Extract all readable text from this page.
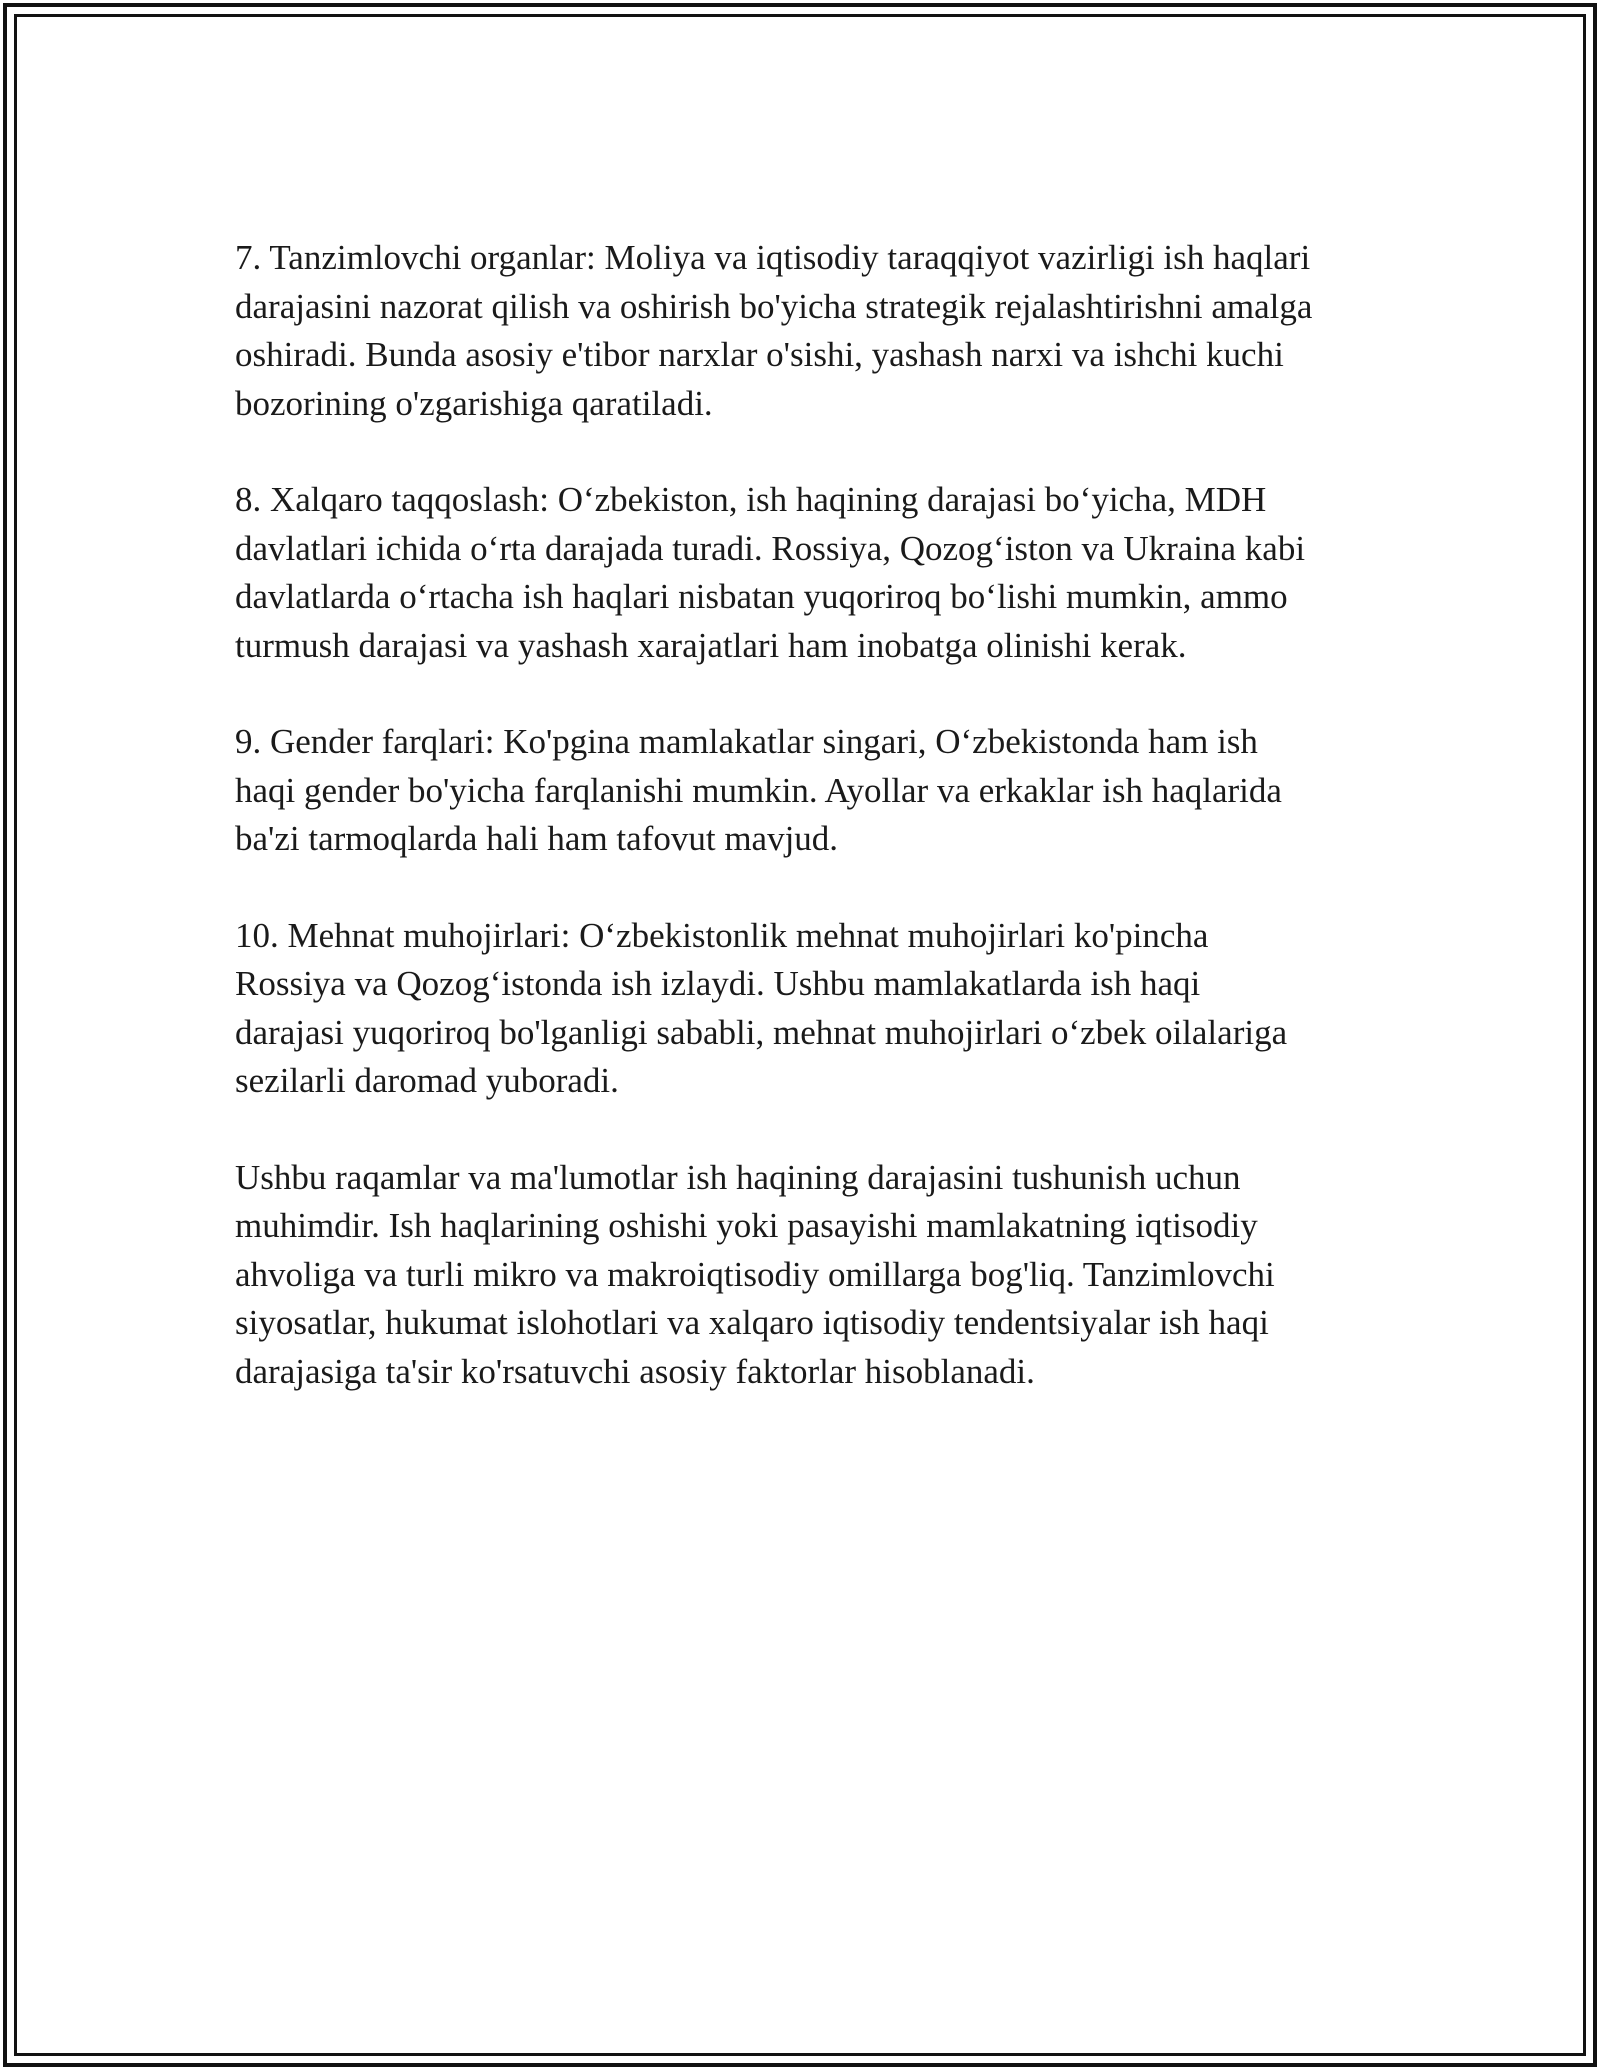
7. Tanzimlovchi organlar: Moliya va iqtisodiy taraqqiyot vazirligi ish haqlari
darajasini nazorat qilish va oshirish bo'yicha strategik rejalashtirishni amalga
oshiradi. Bunda asosiy e'tibor narxlar o'sishi, yashash narxi va ishchi kuchi
bozorining o'zgarishiga qaratiladi.

8. Xalqaro taqqoslash: O‘zbekiston, ish haqining darajasi bo‘yicha, MDH
davlatlari ichida o‘rta darajada turadi. Rossiya, Qozog‘iston va Ukraina kabi
davlatlarda o‘rtacha ish haqlari nisbatan yuqoriroq bo‘lishi mumkin, ammo
turmush darajasi va yashash xarajatlari ham inobatga olinishi kerak.

9. Gender farqlari: Ko'pgina mamlakatlar singari, O‘zbekistonda ham ish
haqi gender bo'yicha farqlanishi mumkin. Ayollar va erkaklar ish haqlarida
ba'zi tarmoqlarda hali ham tafovut mavjud.

10. Mehnat muhojirlari: O‘zbekistonlik mehnat muhojirlari ko'pincha
Rossiya va Qozog‘istonda ish izlaydi. Ushbu mamlakatlarda ish haqi
darajasi yuqoriroq bo'lganligi sababli, mehnat muhojirlari o‘zbek oilalariga
sezilarli daromad yuboradi.

Ushbu raqamlar va ma'lumotlar ish haqining darajasini tushunish uchun
muhimdir. Ish haqlarining oshishi yoki pasayishi mamlakatning iqtisodiy
ahvoliga va turli mikro va makroiqtisodiy omillarga bog'liq. Tanzimlovchi
siyosatlar, hukumat islohotlari va xalqaro iqtisodiy tendentsiyalar ish haqi
darajasiga ta'sir ko'rsatuvchi asosiy faktorlar hisoblanadi.
